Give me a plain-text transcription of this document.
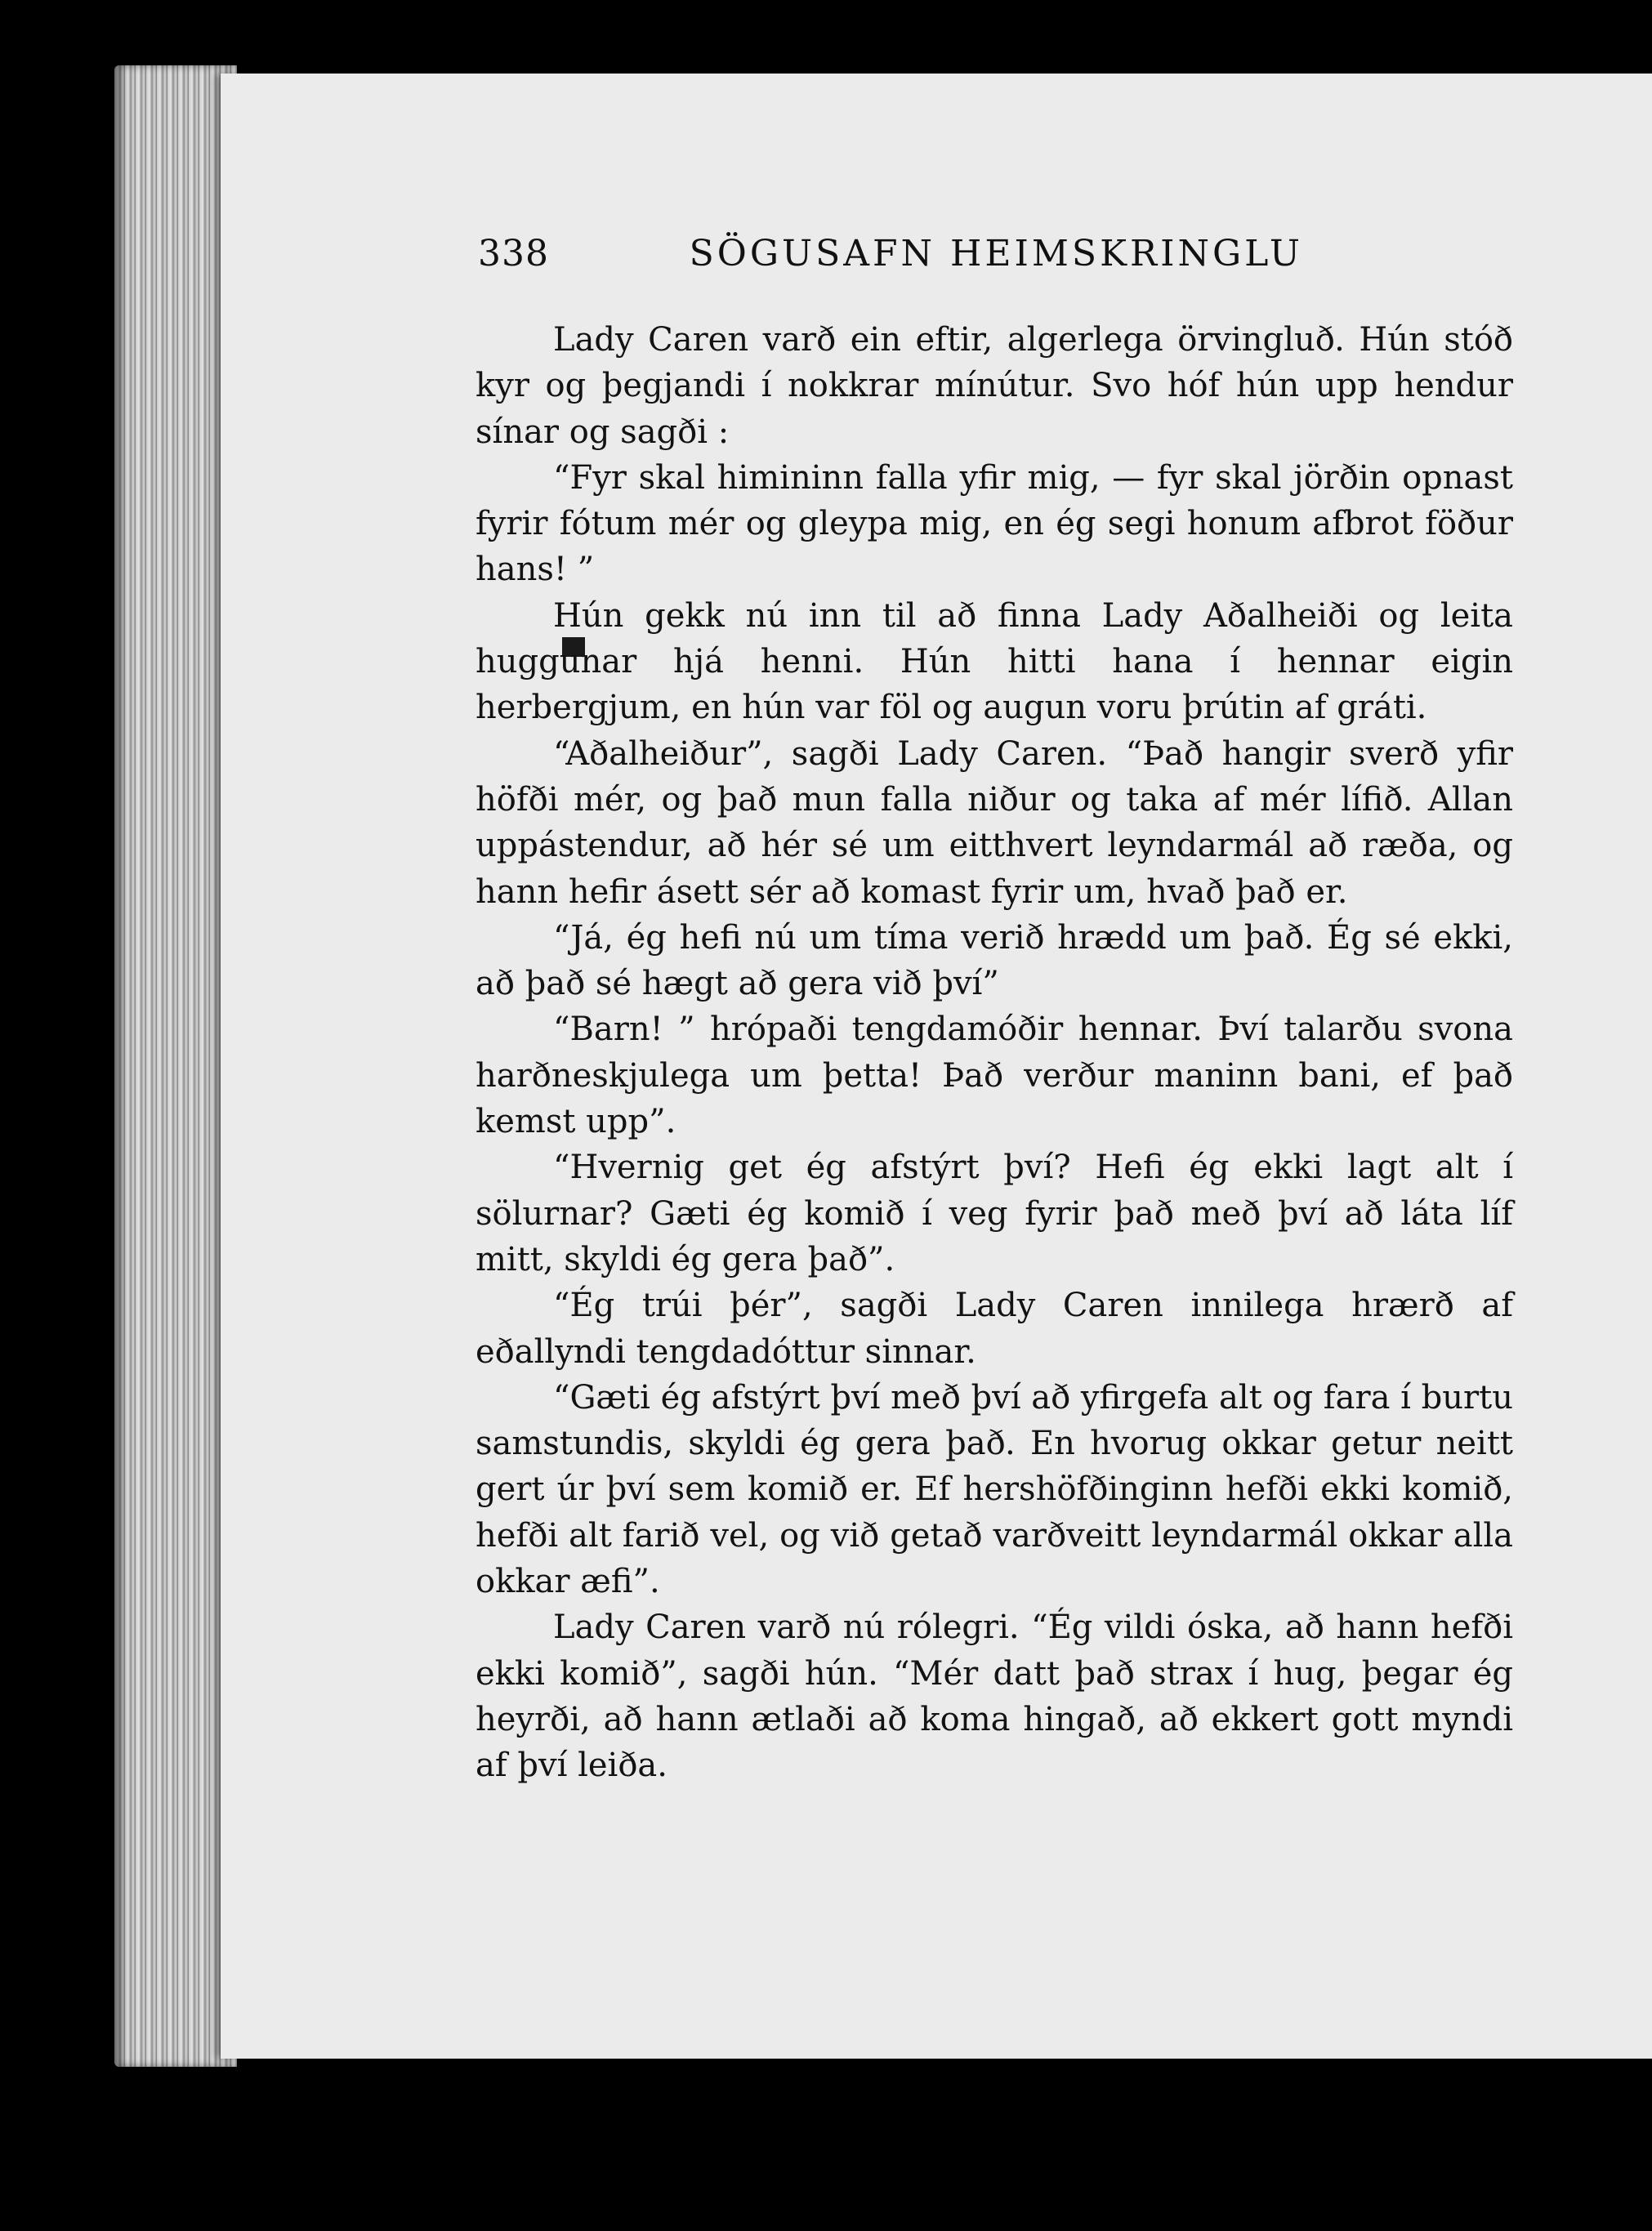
338	SÖGUSAFN HEIMSKRINGLU

Lady Caren varð ein eftir, algerlega örvingluð. Hún stóð kyr og þegjandi í nokkrar mínútur. Svo hóf hún upp hendur sínar og sagði :

“Fyr skal himininn falla yfir mig, — fyr skal jörðin opnast fyrir fótum mér og gleypa mig, en ég segi honum afbrot föður hans! ”

Hún gekk nú inn til að finna Lady Aðalheiði og leita huggunar hjá henni. Hún hitti hana í hennar eigin herbergjum, en hún var föl og augun voru þrútin af gráti.

“Aðalheiður”, sagði Lady Caren. “Það hangir sverð yfir höfði mér, og það mun falla niður og taka af mér lífið. Allan uppástendur, að hér sé um eitthvert leyndarmál að ræða, og hann hefir ásett sér að komast fyrir um, hvað það er.

“Já, ég hefi nú um tíma verið hrædd um það. Ég sé ekki, að það sé hægt að gera við því”

“Barn! ” hrópaði tengdamóðir hennar. Því talarðu svona harðneskjulega um þetta! Það verður maninn bani, ef það kemst upp”.

“Hvernig get ég afstýrt því? Hefi ég ekki lagt alt í sölurnar? Gæti ég komið í veg fyrir það með því að láta líf mitt, skyldi ég gera það”.

“Ég trúi þér”, sagði Lady Caren innilega hrærð af eðallyndi tengdadóttur sinnar.

“Gæti ég afstýrt því með því að yfirgefa alt og fara í burtu samstundis, skyldi ég gera það. En hvorug okkar getur neitt gert úr því sem komið er. Ef hershöfðinginn hefði ekki komið, hefði alt farið vel, og við getað varðveitt leyndarmál okkar alla okkar æfi”.

Lady Caren varð nú rólegri. “Ég vildi óska, að hann hefði ekki komið”, sagði hún. “Mér datt það strax í hug, þegar ég heyrði, að hann ætlaði að koma hingað, að ekkert gott myndi af því leiða.
